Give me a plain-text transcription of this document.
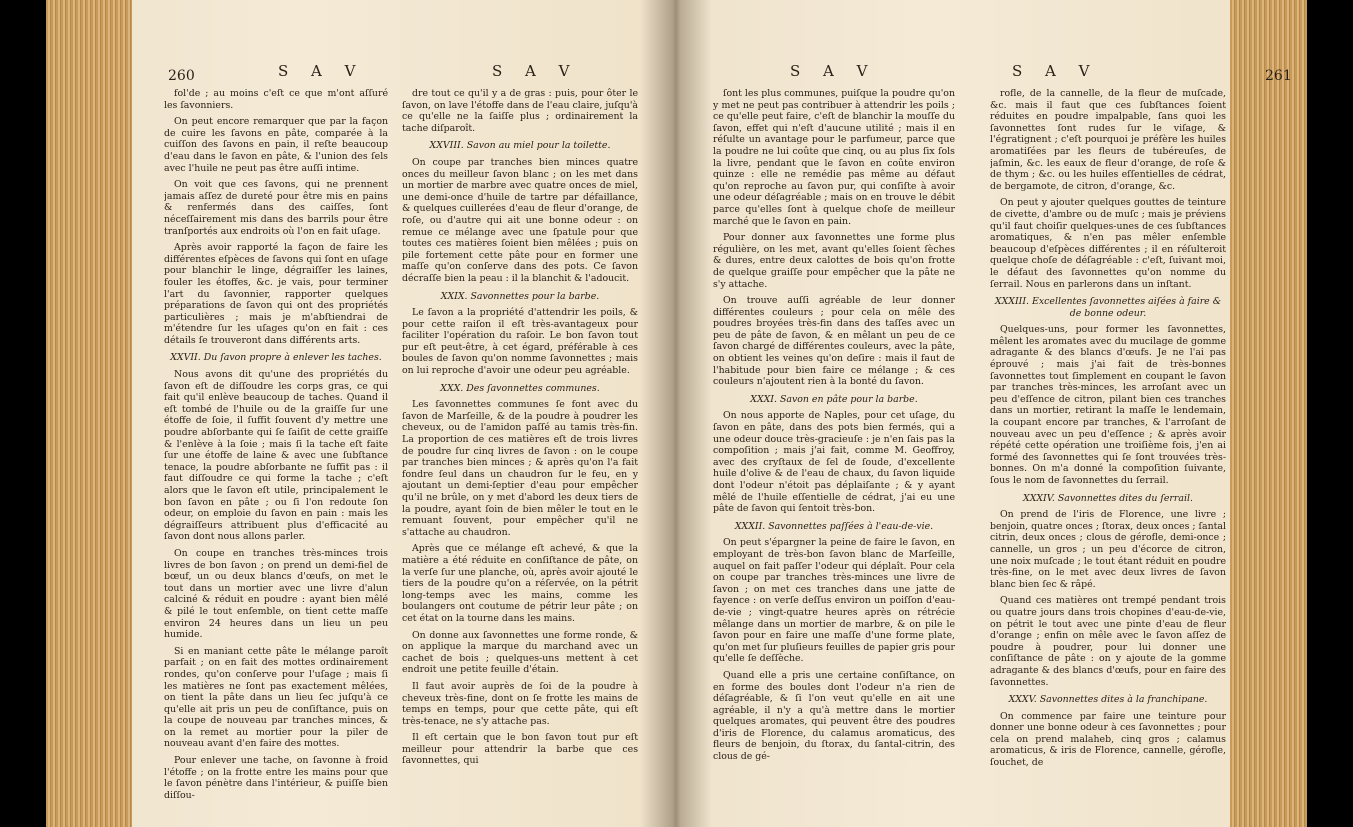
260	S A V	S A V	261
S A V	S A V

fol'de ; au moins c'eſt ce que m'ont aſſuré les ſavonniers.

On peut encore remarquer que par la façon de cuire les ſavons en pâte, comparée à la cuiſſon des ſavons en pain, il reſte beaucoup d'eau dans le ſavon en pâte, & l'union des ſels avec l'huile ne peut pas être auſſi intime.

On voit que ces ſavons, qui ne prennent jamais aſſez de dureté pour être mis en pains & renfermés dans des caiſſes, ſont néceſſairement mis dans des barrils pour être tranſportés aux endroits où l'on en fait uſage.

Après avoir rapporté la façon de faire les différentes eſpèces de ſavons qui ſont en uſage pour blanchir le linge, dégraiſſer les laines, fouler les étoffes, &c. je vais, pour terminer l'art du ſavonnier, rapporter quelques préparations de ſavon qui ont des propriétés particulières ; mais je m'abſtiendrai de m'étendre ſur les uſages qu'on en fait : ces détails ſe trouveront dans différents arts.

XXVII. Du ſavon propre à enlever les taches.

Nous avons dit qu'une des propriétés du ſavon eſt de diſſoudre les corps gras, ce qui fait qu'il enlève beaucoup de taches. Quand il eſt tombé de l'huile ou de la graiſſe ſur une étoffe de ſoie, il ſuffit ſouvent d'y mettre une poudre abſorbante qui ſe ſaiſit de cette graiſſe & l'enlève à la ſoie ; mais ſi la tache eſt faite ſur une étoffe de laine & avec une ſubſtance tenace, la poudre abſorbante ne ſuffit pas : il faut diſſoudre ce qui forme la tache ; c'eſt alors que le ſavon eſt utile, principalement le bon ſavon en pâte ; ou ſi l'on redoute ſon odeur, on emploie du ſavon en pain : mais les dégraiſſeurs attribuent plus d'efficacité au ſavon dont nous allons parler.

On coupe en tranches très-minces trois livres de bon ſavon ; on prend un demi-fiel de bœuf, un ou deux blancs d'œufs, on met le tout dans un mortier avec une livre d'alun calciné & réduit en poudre : ayant bien mêlé & pilé le tout enſemble, on tient cette maſſe environ 24 heures dans un lieu un peu humide.

Si en maniant cette pâte le mélange paroît parfait ; on en fait des mottes ordinairement rondes, qu'on conſerve pour l'uſage ; mais ſi les matières ne ſont pas exactement mêlées, on tient la pâte dans un lieu ſec juſqu'à ce qu'elle ait pris un peu de conſiſtance, puis on la coupe de nouveau par tranches minces, & on la remet au mortier pour la piler de nouveau avant d'en faire des mottes.

Pour enlever une tache, on ſavonne à froid l'étoffe ; on la frotte entre les mains pour que le ſavon pénètre dans l'intérieur, & puiſſe bien diſſou-

dre tout ce qu'il y a de gras : puis, pour ôter le ſavon, on lave l'étoffe dans de l'eau claire, juſqu'à ce qu'elle ne la ſaiſſe plus ; ordinairement la tache diſparoît.

XXVIII. Savon au miel pour la toilette.

On coupe par tranches bien minces quatre onces du meilleur ſavon blanc ; on les met dans un mortier de marbre avec quatre onces de miel, une demi-once d'huile de tartre par défaillance, & quelques cuillerées d'eau de fleur d'orange, de roſe, ou d'autre qui ait une bonne odeur : on remue ce mélange avec une ſpatule pour que toutes ces matières ſoient bien mêlées ; puis on pile fortement cette pâte pour en former une maſſe qu'on conſerve dans des pots. Ce ſavon décraſſe bien la peau : il la blanchit & l'adoucit.

XXIX. Savonnettes pour la barbe.

Le ſavon a la propriété d'attendrir les poils, & pour cette raiſon il eſt très-avantageux pour faciliter l'opération du raſoir. Le bon ſavon tout pur eſt peut-être, à cet égard, préférable à ces boules de ſavon qu'on nomme ſavonnettes ; mais on lui reproche d'avoir une odeur peu agréable.

XXX. Des ſavonnettes communes.

Les ſavonnettes communes ſe font avec du ſavon de Marſeille, & de la poudre à poudrer les cheveux, ou de l'amidon paſſé au tamis très-fin. La proportion de ces matières eſt de trois livres de poudre ſur cinq livres de ſavon : on le coupe par tranches bien minces ; & après qu'on l'a fait fondre ſeul dans un chaudron ſur le feu, en y ajoutant un demi-ſeptier d'eau pour empêcher qu'il ne brûle, on y met d'abord les deux tiers de la poudre, ayant ſoin de bien mêler le tout en le remuant ſouvent, pour empêcher qu'il ne s'attache au chaudron.

Après que ce mélange eſt achevé, & que la matière a été réduite en conſiſtance de pâte, on la verſe ſur une planche, où, après avoir ajouté le tiers de la poudre qu'on a réſervée, on la pétrit long-temps avec les mains, comme les boulangers ont coutume de pétrir leur pâte ; on cet état on la tourne dans les mains.

On donne aux ſavonnettes une forme ronde, & on applique la marque du marchand avec un cachet de bois ; quelques-uns mettent à cet endroit une petite feuille d'étain.

Il faut avoir auprès de ſoi de la poudre à cheveux très-fine, dont on ſe frotte les mains de temps en temps, pour que cette pâte, qui eſt très-tenace, ne s'y attache pas.

Il eſt certain que le bon ſavon tout pur eſt meilleur pour attendrir la barbe que ces ſavonnettes, qui

ſont les plus communes, puiſque la poudre qu'on y met ne peut pas contribuer à attendrir les poils ; ce qu'elle peut faire, c'eſt de blanchir la mouſſe du ſavon, effet qui n'eſt d'aucune utilité ; mais il en réſulte un avantage pour le parfumeur, parce que la poudre ne lui coûte que cinq, ou au plus ſix ſols la livre, pendant que le ſavon en coûte environ quinze : elle ne remédie pas même au défaut qu'on reproche au ſavon pur, qui conſiſte à avoir une odeur déſagréable ; mais on en trouve le débit parce qu'elles ſont à quelque choſe de meilleur marché que le ſavon en pain.

Pour donner aux ſavonnettes une forme plus régulière, on les met, avant qu'elles ſoient ſèches & dures, entre deux calottes de bois qu'on frotte de quelque graiſſe pour empêcher que la pâte ne s'y attache.

On trouve auſſi agréable de leur donner différentes couleurs ; pour cela on mêle des poudres broyées très-fin dans des taſſes avec un peu de pâte de ſavon, & en mêlant un peu de ce ſavon chargé de différentes couleurs, avec la pâte, on obtient les veines qu'on deſire : mais il faut de l'habitude pour bien faire ce mélange ; & ces couleurs n'ajoutent rien à la bonté du ſavon.

XXXI. Savon en pâte pour la barbe.

On nous apporte de Naples, pour cet uſage, du ſavon en pâte, dans des pots bien fermés, qui a une odeur douce très-gracieuſe : je n'en ſais pas la compoſition ; mais j'ai fait, comme M. Geoffroy, avec des cryſtaux de ſel de ſoude, d'excellente huile d'olive & de l'eau de chaux, du ſavon liquide dont l'odeur n'étoit pas déplaiſante ; & y ayant mêlé de l'huile eſſentielle de cédrat, j'ai eu une pâte de ſavon qui ſentoit très-bon.

XXXII. Savonnettes paſſées à l'eau-de-vie.

On peut s'épargner la peine de faire le ſavon, en employant de très-bon ſavon blanc de Marſeille, auquel on fait paſſer l'odeur qui déplaît. Pour cela on coupe par tranches très-minces une livre de ſavon ; on met ces tranches dans une jatte de fayence : on verſe deſſus environ un poiſſon d'eau-de-vie ; vingt-quatre heures après on rétrécie mêlange dans un mortier de marbre, & on pile le ſavon pour en faire une maſſe d'une forme plate, qu'on met ſur pluſieurs feuilles de papier gris pour qu'elle ſe deſſèche.

Quand elle a pris une certaine conſiſtance, on en forme des boules dont l'odeur n'a rien de déſagréable, & ſi l'on veut qu'elle en ait une agréable, il n'y a qu'à mettre dans le mortier quelques aromates, qui peuvent être des poudres d'iris de Florence, du calamus aromaticus, des fleurs de benjoin, du ſtorax, du ſantal-citrin, des clous de gé-

rofle, de la cannelle, de la fleur de muſcade, &c. mais il faut que ces ſubſtances ſoient réduites en poudre impalpable, ſans quoi les ſavonnettes ſont rudes ſur le viſage, & l'égratignent ; c'eſt pourquoi je préfère les huiles aromatiſées par les fleurs de tubéreuſes, de jaſmin, &c. les eaux de fleur d'orange, de roſe & de thym ; &c. ou les huiles eſſentielles de cédrat, de bergamote, de citron, d'orange, &c.

On peut y ajouter quelques gouttes de teinture de civette, d'ambre ou de muſc ; mais je préviens qu'il faut choiſir quelques-unes de ces ſubſtances aromatiques, & n'en pas mêler enſemble beaucoup d'eſpèces différentes ; il en réſulteroit quelque choſe de déſagréable : c'eſt, ſuivant moi, le défaut des ſavonnettes qu'on nomme du ſerrail. Nous en parlerons dans un inſtant.

XXXIII. Excellentes ſavonnettes aiſées à faire & de bonne odeur.

Quelques-uns, pour former les ſavonnettes, mêlent les aromates avec du mucilage de gomme adragante & des blancs d'œufs. Je ne l'ai pas éprouvé ; mais j'ai fait de très-bonnes ſavonnettes tout ſimplement en coupant le ſavon par tranches très-minces, les arroſant avec un peu d'eſſence de citron, pilant bien ces tranches dans un mortier, retirant la maſſe le lendemain, la coupant encore par tranches, & l'arroſant de nouveau avec un peu d'eſſence ; & après avoir répété cette opération une troiſième fois, j'en ai formé des ſavonnettes qui ſe ſont trouvées très-bonnes. On m'a donné la compoſition ſuivante, ſous le nom de ſavonnettes du ſerrail.

XXXIV. Savonnettes dites du ſerrail.

On prend de l'iris de Florence, une livre ; benjoin, quatre onces ; ſtorax, deux onces ; ſantal citrin, deux onces ; clous de gérofle, demi-once ; cannelle, un gros ; un peu d'écorce de citron, une noix muſcade ; le tout étant réduit en poudre très-fine, on le met avec deux livres de ſavon blanc bien ſec & râpé.

Quand ces matières ont trempé pendant trois ou quatre jours dans trois chopines d'eau-de-vie, on pétrit le tout avec une pinte d'eau de fleur d'orange ; enfin on mêle avec le ſavon aſſez de poudre à poudrer, pour lui donner une conſiſtance de pâte : on y ajoute de la gomme adragante & des blancs d'œufs, pour en faire des ſavonnettes.

XXXV. Savonnettes dites à la franchipane.

On commence par faire une teinture pour donner une bonne odeur à ces ſavonnettes ; pour cela on prend malaheb, cinq gros ; calamus aromaticus, & iris de Florence, cannelle, gérofle, ſouchet, de
